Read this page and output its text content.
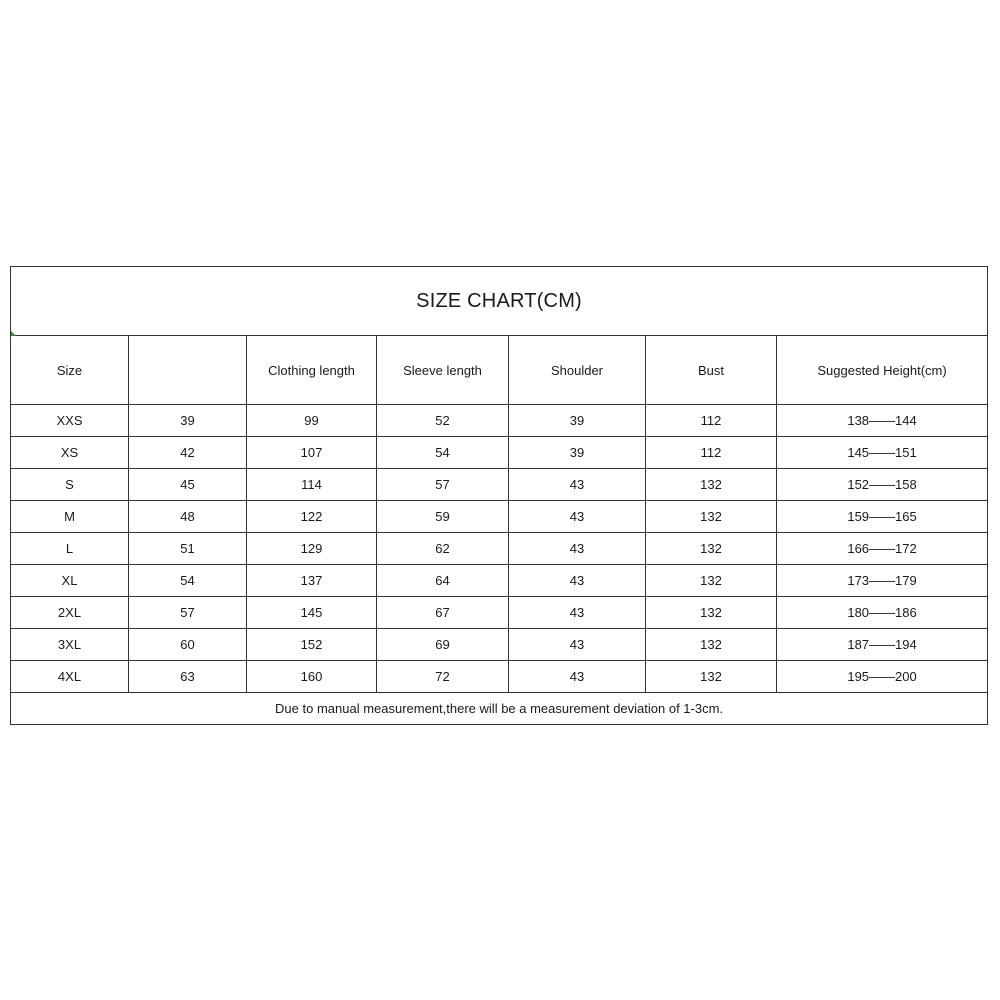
SIZE CHART(CM)						

Size		Clothing length	Sleeve length	Shoulder	Bust	Suggested Height(cm)
XXS	39	99	52	39	112	138——144
XS	42	107	54	39	112	145——151
S	45	114	57	43	132	152——158
M	48	122	59	43	132	159——165
L	51	129	62	43	132	166——172
XL	54	137	64	43	132	173——179
2XL	57	145	67	43	132	180——186
3XL	60	152	69	43	132	187——194
4XL	63	160	72	43	132	195——200
Due to manual measurement,there will be a measurement deviation of 1-3cm.						
